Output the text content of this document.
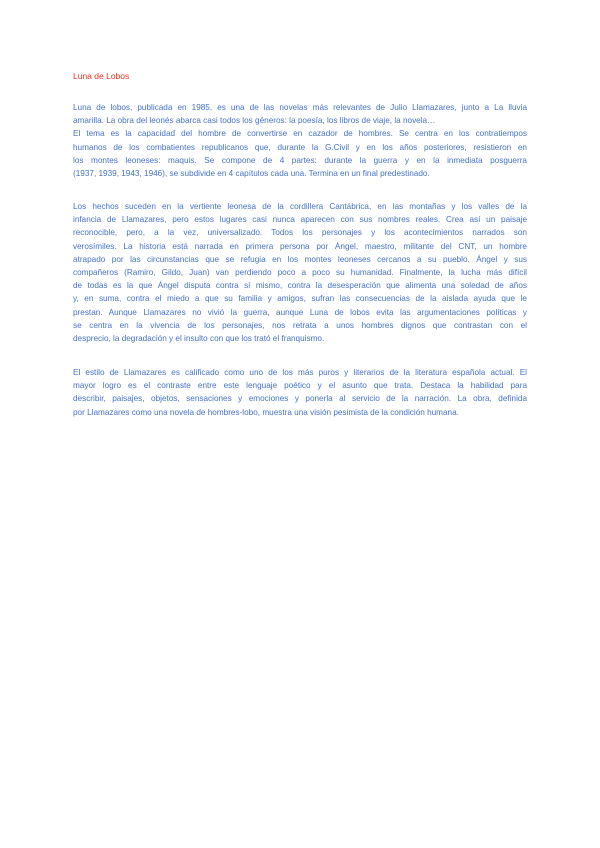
Luna de Lobos
Luna de lobos, publicada en 1985, es una de las novelas más relevantes de Julio Llamazares, junto a La lluvia
amarilla. La obra del leonés abarca casi todos los géneros: la poesía, los libros de viaje, la novela…
El tema es la capacidad del hombre de convertirse en cazador de hombres. Se centra en los contratiempos
humanos de los combatientes republicanos que, durante la G.Civil y en los años posteriores, resistieron en
los montes leoneses: maquis. Se compone de 4 partes: durante la guerra y en la inmediata posguerra
(1937, 1939, 1943, 1946), se subdivide en 4 capítulos cada una. Termina en un final predestinado.
Los hechos suceden en la vertiente leonesa de la cordillera Cantábrica, en las montañas y los valles de la
infancia de Llamazares, pero estos lugares casi nunca aparecen con sus nombres reales. Crea así un paisaje
reconocible, pero, a la vez, universalizado. Todos los personajes y los acontecimientos narrados son
verosímiles. La historia está narrada en primera persona por Ángel, maestro, militante del CNT, un hombre
atrapado por las circunstancias que se refugia en los montes leoneses cercanos a su pueblo. Ángel y sus
compañeros (Ramiro, Gildo, Juan) van perdiendo poco a poco su humanidad. Finalmente, la lucha más difícil
de todas es la que Ángel disputa contra sí mismo, contra la desesperación que alimenta una soledad de años
y, en suma, contra el miedo a que su familia y amigos, sufran las consecuencias de la aislada ayuda que le
prestan. Aunque Llamazares no vivió la guerra, aunque Luna de lobos evita las argumentaciones políticas y
se centra en la vivencia de los personajes, nos retrata a unos hombres dignos que contrastan con el
desprecio, la degradación y el insulto con que los trató el franquismo.
El estilo de Llamazares es calificado como uno de los más puros y literarios de la literatura española actual. El
mayor logro es el contraste entre este lenguaje poético y el asunto que trata. Destaca la habilidad para
describir, paisajes, objetos, sensaciones y emociones y ponerla al servicio de la narración. La obra, definida
por Llamazares como una novela de hombres-lobo, muestra una visión pesimista de la condición humana.
